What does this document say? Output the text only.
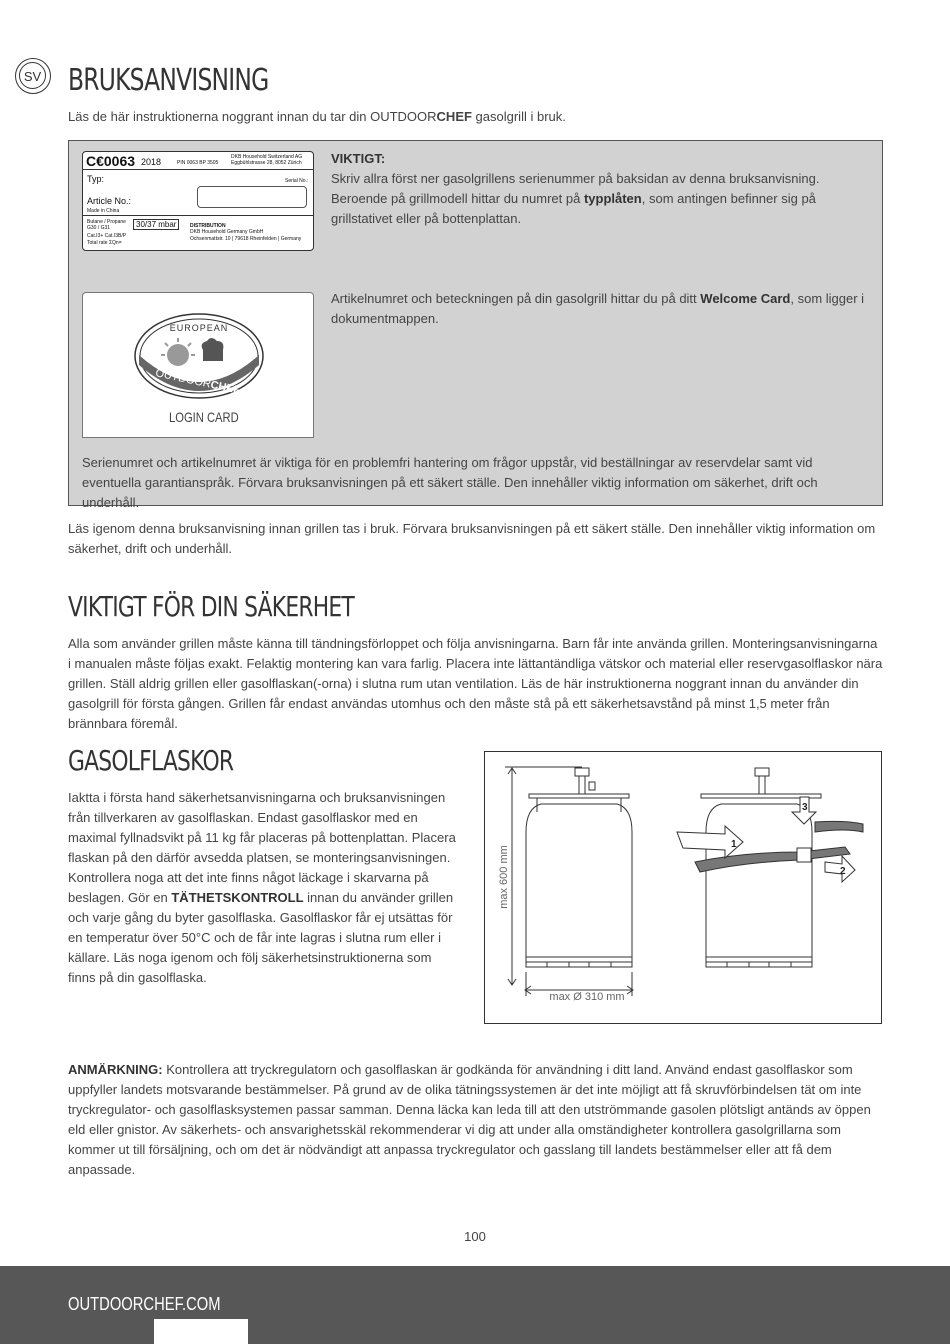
SV BRUKSANVISNING
Läs de här instruktionerna noggrant innan du tar din OUTDOORCHEF gasolgrill i bruk.
C€0063 2018	PIN 0063 BP 3505
DKB Household Switzerland AG
Eggbühlstrasse 28, 8052 Zürich
Typ:	Serial No.:
Article No.:
Made in China
Butane / Propane
G30 / G31
Cat.I3+ Cat.I3B/P
Total rate ΣQn=
30/37 mbar	DISTRIBUTION
DKB Household Germany GmbH
Ochsenmattstr. 10 | 79618 Rheinfelden | Germany
VIKTIGT:
Skriv allra först ner gasolgrillens serienummer på baksidan av denna bruksanvisning. Beroende på grillmodell hittar du numret på typplåten, som antingen befinner sig på grillstativet eller på bottenplattan.
EUROPEAN
OUTDOORCHEF
LOGIN CARD
Artikelnumret och beteckningen på din gasolgrill hittar du på ditt Welcome Card, som ligger i dokumentmappen.
Serienumret och artikelnumret är viktiga för en problemfri hantering om frågor uppstår, vid beställningar av reservdelar samt vid eventuella garantianspråk. Förvara bruksanvisningen på ett säkert ställe. Den innehåller viktig information om säkerhet, drift och underhåll.
Läs igenom denna bruksanvisning innan grillen tas i bruk. Förvara bruksanvisningen på ett säkert ställe. Den innehåller viktig information om säkerhet, drift och underhåll.
VIKTIGT FÖR DIN SÄKERHET
Alla som använder grillen måste känna till tändningsförloppet och följa anvisningarna. Barn får inte använda grillen. Monteringsanvisningarna i manualen måste följas exakt. Felaktig montering kan vara farlig. Placera inte lättantändliga vätskor och material eller reservgasolflaskor nära grillen. Ställ aldrig grillen eller gasolflaskan(-orna) i slutna rum utan ventilation. Läs de här instruktionerna noggrant innan du använder din gasolgrill för första gången. Grillen får endast användas utomhus och den måste stå på ett säkerhetsavstånd på minst 1,5 meter från brännbara föremål.
GASOLFLASKOR
Iaktta i första hand säkerhetsanvisningarna och bruksanvisningen från tillverkaren av gasolflaskan. Endast gasolflaskor med en maximal fyllnadsvikt på 11 kg får placeras på bottenplattan. Placera flaskan på den därför avsedda platsen, se monteringsanvisningen. Kontrollera noga att det inte finns något läckage i skarvarna på beslagen. Gör en TÄTHETSKONTROLL innan du använder grillen och varje gång du byter gasolflaska. Gasolflaskor får ej utsättas för en temperatur över 50°C och de får inte lagras i slutna rum eller i källare. Läs noga igenom och följ säkerhetsinstruktionerna som finns på din gasolflaska.
max 600 mm
max Ø 310 mm
1
2
3
ANMÄRKNING: Kontrollera att tryckregulatorn och gasolflaskan är godkända för användning i ditt land. Använd endast gasolflaskor som uppfyller landets motsvarande bestämmelser. På grund av de olika tätningssystemen är det inte möjligt att få skruvförbindelsen tät om inte tryckregulator- och gasolflasksystemen passar samman. Denna läcka kan leda till att den utströmmande gasolen plötsligt antänds av öppen eld eller gnistor. Av säkerhets- och ansvarighetsskäl rekommenderar vi dig att under alla omständigheter kontrollera gasolgrillarna som kommer ut till försäljning, och om det är nödvändigt att anpassa tryckregulator och gasslang till landets bestämmelser eller att få dem anpassade.
100
OUTDOORCHEF.COM
